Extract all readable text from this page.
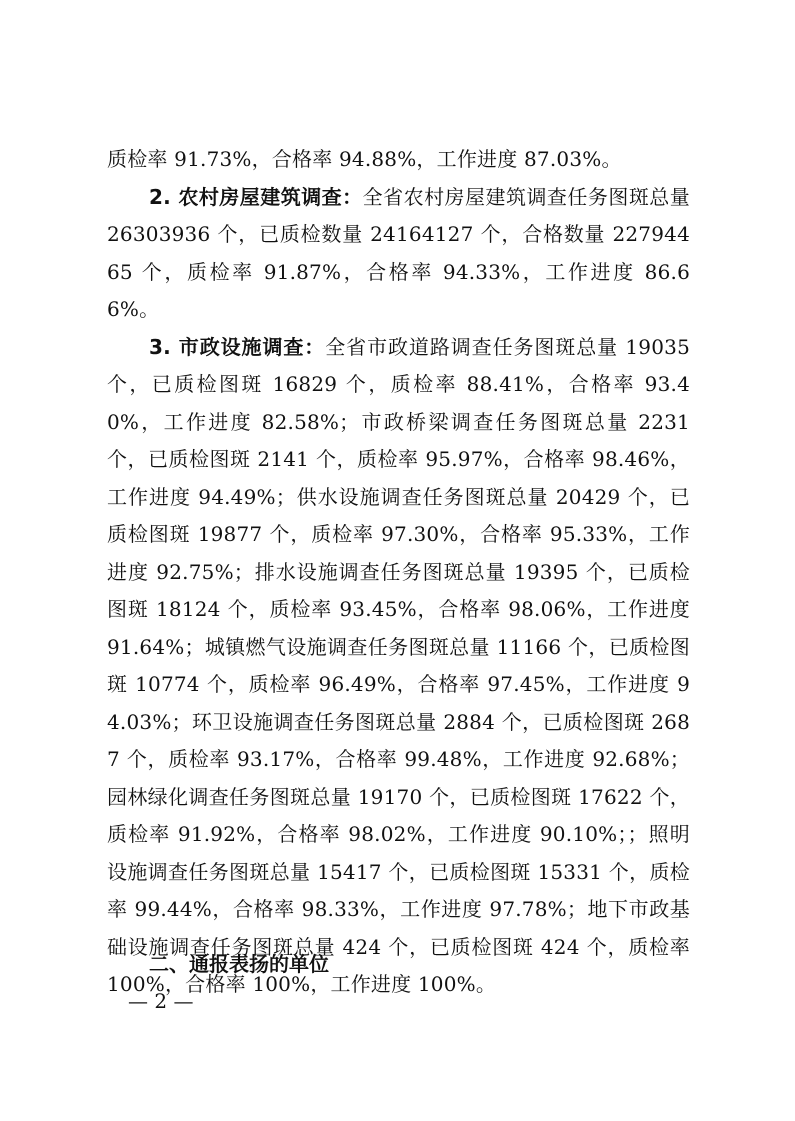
质检率 91.73%，合格率 94.88%，工作进度 87.03%。

2. 农村房屋建筑调查：全省农村房屋建筑调查任务图斑总量 26303936 个，已质检数量 24164127 个，合格数量 22794465 个，质检率 91.87%，合格率 94.33%，工作进度 86.66%。

3. 市政设施调查：全省市政道路调查任务图斑总量 19035 个，已质检图斑 16829 个，质检率 88.41%，合格率 93.40%，工作进度 82.58%；市政桥梁调查任务图斑总量 2231 个，已质检图斑 2141 个，质检率 95.97%，合格率 98.46%，工作进度 94.49%；供水设施调查任务图斑总量 20429 个，已质检图斑 19877 个，质检率 97.30%，合格率 95.33%，工作进度 92.75%；排水设施调查任务图斑总量 19395 个，已质检图斑 18124 个，质检率 93.45%，合格率 98.06%，工作进度 91.64%；城镇燃气设施调查任务图斑总量 11166 个，已质检图斑 10774 个，质检率 96.49%，合格率 97.45%，工作进度 94.03%；环卫设施调查任务图斑总量 2884 个，已质检图斑 2687 个，质检率 93.17%，合格率 99.48%，工作进度 92.68%；园林绿化调查任务图斑总量 19170 个，已质检图斑 17622 个，质检率 91.92%，合格率 98.02%，工作进度 90.10%；；照明设施调查任务图斑总量 15417 个，已质检图斑 15331 个，质检率 99.44%，合格率 98.33%，工作进度 97.78%；地下市政基础设施调查任务图斑总量 424 个，已质检图斑 424 个，质检率 100%，合格率 100%，工作进度 100%。

二、通报表扬的单位
— 2 —
